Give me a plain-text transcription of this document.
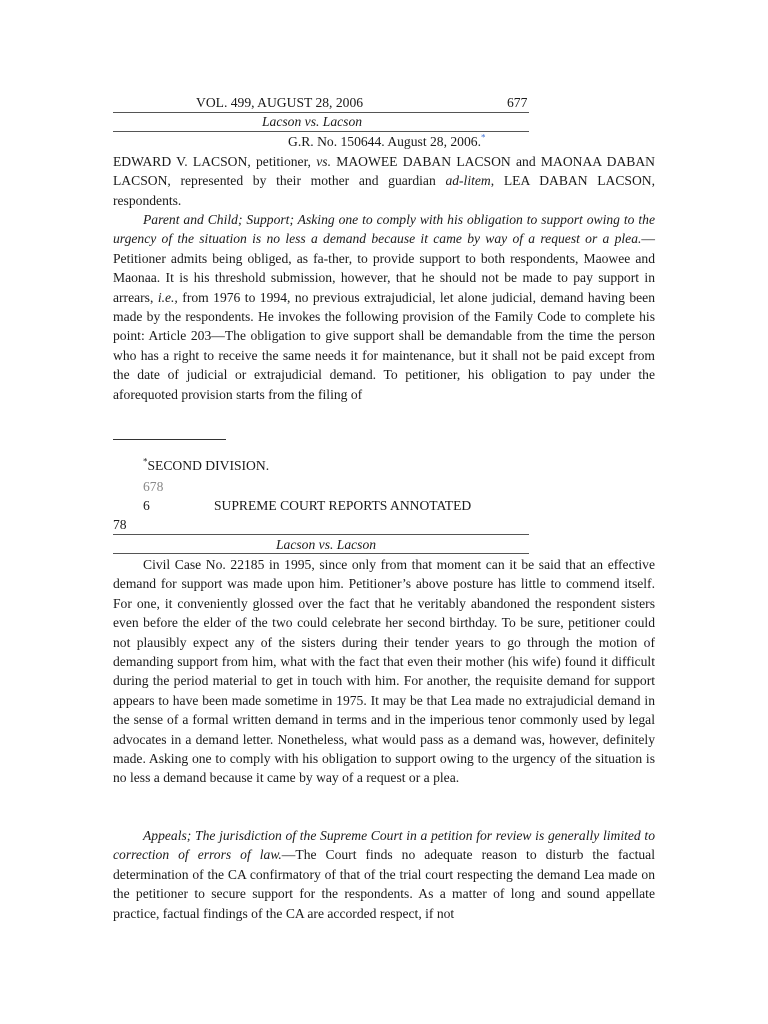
VOL. 499, AUGUST 28, 2006	677
Lacson vs. Lacson
G.R. No. 150644. August 28, 2006.*

EDWARD V. LACSON, petitioner, vs. MAOWEE DABAN LACSON and MAONAA DABAN LACSON, represented by their mother and guardian ad-litem, LEA DABAN LACSON, respondents.

Parent and Child; Support; Asking one to comply with his obligation to support owing to the urgency of the situation is no less a demand because it came by way of a request or a plea.—Petitioner admits being obliged, as fa-ther, to provide support to both respondents, Maowee and Maonaa. It is his threshold submission, however, that he should not be made to pay support in arrears, i.e., from 1976 to 1994, no previous extrajudicial, let alone judicial, demand having been made by the respondents. He invokes the following provision of the Family Code to complete his point: Article 203—The obligation to give support shall be demandable from the time the person who has a right to receive the same needs it for maintenance, but it shall not be paid except from the date of judicial or extrajudicial demand. To petitioner, his obligation to pay under the aforequoted provision starts from the filing of

*SECOND DIVISION.
678
6	SUPREME COURT REPORTS ANNOTATED
78
Lacson vs. Lacson

Civil Case No. 22185 in 1995, since only from that moment can it be said that an effective demand for support was made upon him. Petitioner’s above posture has little to commend itself. For one, it conveniently glossed over the fact that he veritably abandoned the respondent sisters even before the elder of the two could celebrate her second birthday. To be sure, petitioner could not plausibly expect any of the sisters during their tender years to go through the motion of demanding support from him, what with the fact that even their mother (his wife) found it difficult during the period material to get in touch with him. For another, the requisite demand for support appears to have been made sometime in 1975. It may be that Lea made no extrajudicial demand in the sense of a formal written demand in terms and in the imperious tenor commonly used by legal advocates in a demand letter. Nonetheless, what would pass as a demand was, however, definitely made. Asking one to comply with his obligation to support owing to the urgency of the situation is no less a demand because it came by way of a request or a plea.

Appeals; The jurisdiction of the Supreme Court in a petition for review is generally limited to correction of errors of law.—The Court finds no adequate reason to disturb the factual determination of the CA confirmatory of that of the trial court respecting the demand Lea made on the petitioner to secure support for the respondents. As a matter of long and sound appellate practice, factual findings of the CA are accorded respect, if not
